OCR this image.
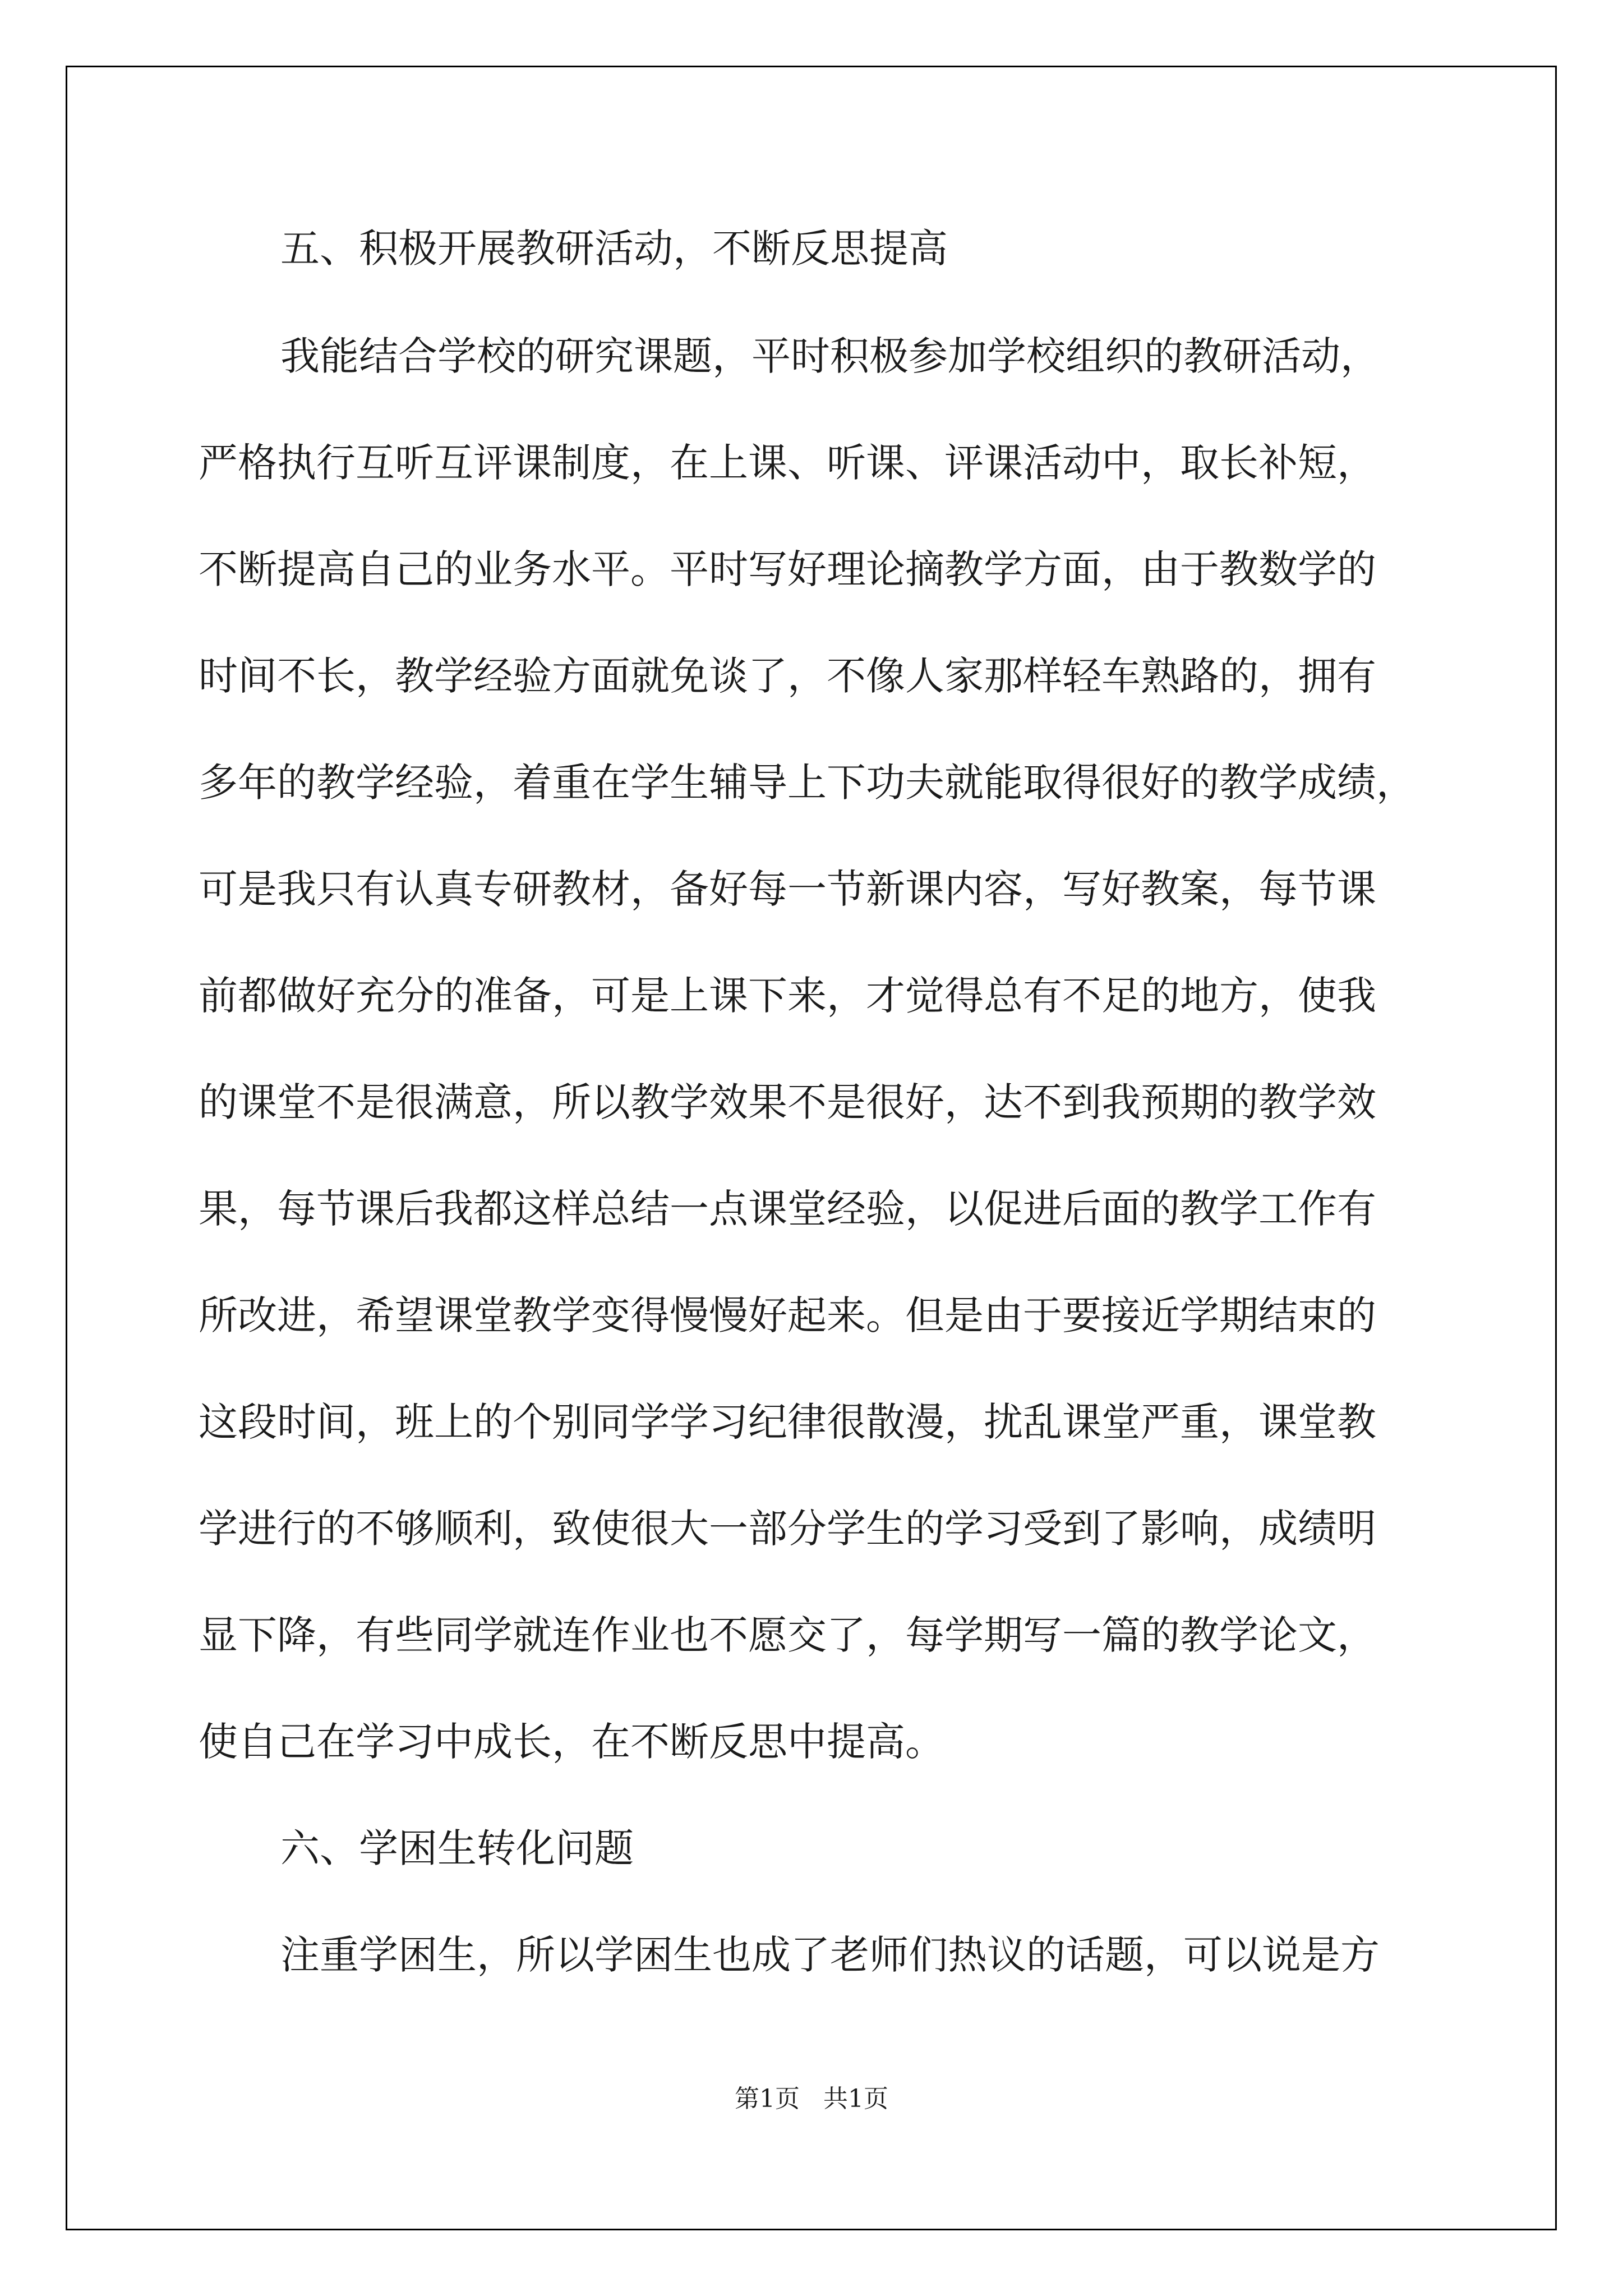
五、积极开展教研活动，不断反思提高
我能结合学校的研究课题，平时积极参加学校组织的教研活动，
严格执行互听互评课制度，在上课、听课、评课活动中，取长补短，
不断提高自己的业务水平。平时写好理论摘教学方面，由于教数学的
时间不长，教学经验方面就免谈了，不像人家那样轻车熟路的，拥有
多年的教学经验，着重在学生辅导上下功夫就能取得很好的教学成绩，
可是我只有认真专研教材，备好每一节新课内容，写好教案，每节课
前都做好充分的准备，可是上课下来，才觉得总有不足的地方，使我
的课堂不是很满意，所以教学效果不是很好，达不到我预期的教学效
果，每节课后我都这样总结一点课堂经验，以促进后面的教学工作有
所改进，希望课堂教学变得慢慢好起来。但是由于要接近学期结束的
这段时间，班上的个别同学学习纪律很散漫，扰乱课堂严重，课堂教
学进行的不够顺利，致使很大一部分学生的学习受到了影响，成绩明
显下降，有些同学就连作业也不愿交了，每学期写一篇的教学论文，
使自己在学习中成长，在不断反思中提高。
六、学困生转化问题
注重学困生，所以学困生也成了老师们热议的话题，可以说是方
第1页   共1页
